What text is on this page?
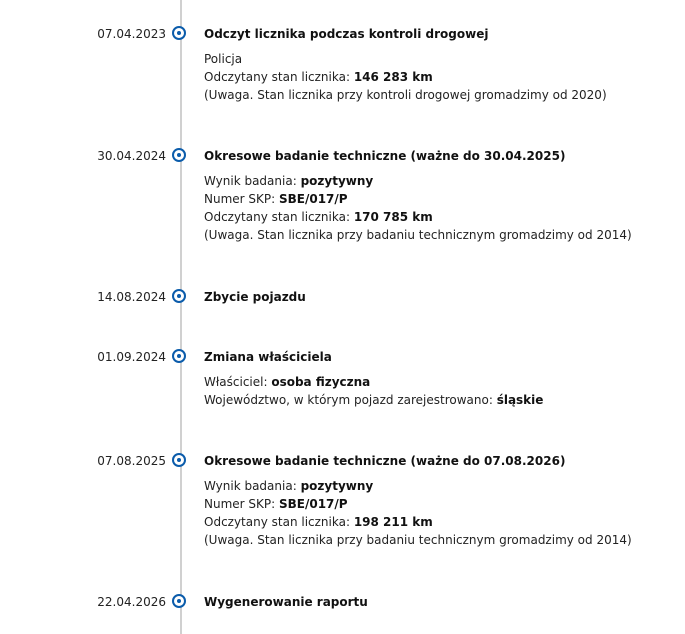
07.04.2023	Odczyt licznika podczas kontroli drogowej
Policja
Odczytany stan licznika: 146 283 km
(Uwaga. Stan licznika przy kontroli drogowej gromadzimy od 2020)
30.04.2024	Okresowe badanie techniczne (ważne do 30.04.2025)
Wynik badania: pozytywny
Numer SKP: SBE/017/P
Odczytany stan licznika: 170 785 km
(Uwaga. Stan licznika przy badaniu technicznym gromadzimy od 2014)
14.08.2024	Zbycie pojazdu
01.09.2024	Zmiana właściciela
Właściciel: osoba fizyczna
Województwo, w którym pojazd zarejestrowano: śląskie
07.08.2025	Okresowe badanie techniczne (ważne do 07.08.2026)
Wynik badania: pozytywny
Numer SKP: SBE/017/P
Odczytany stan licznika: 198 211 km
(Uwaga. Stan licznika przy badaniu technicznym gromadzimy od 2014)
22.04.2026	Wygenerowanie raportu
